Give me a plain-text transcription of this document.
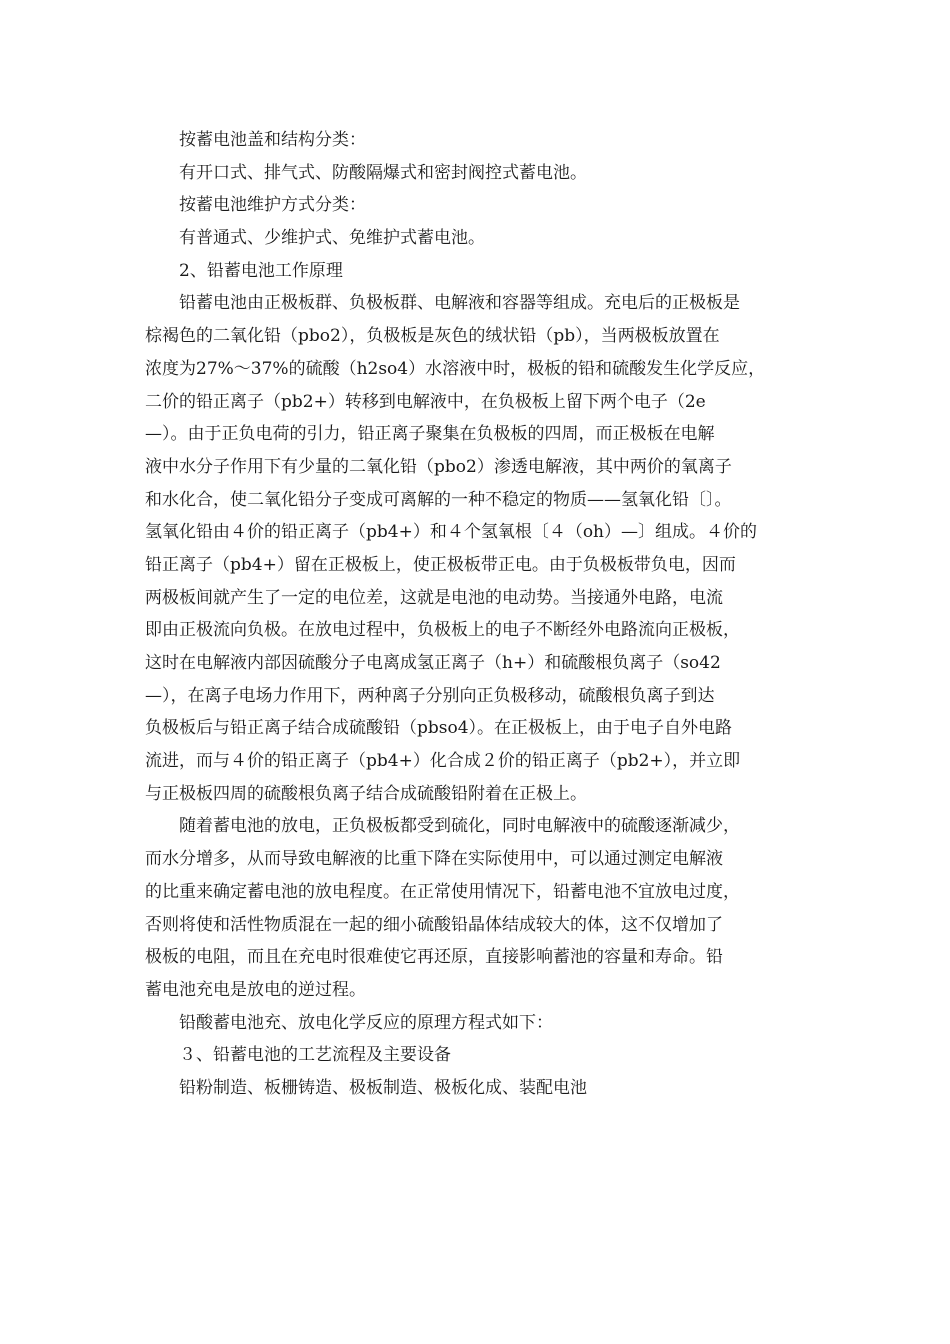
按蓄电池盖和结构分类：
有开口式、排气式、防酸隔爆式和密封阀控式蓄电池。
按蓄电池维护方式分类：
有普通式、少维护式、免维护式蓄电池。
2、铅蓄电池工作原理
铅蓄电池由正极板群、负极板群、电解液和容器等组成。充电后的正极板是
棕褐色的二氧化铅（pbo2），负极板是灰色的绒状铅（pb），当两极板放置在
浓度为27%～37%的硫酸（h2so4）水溶液中时，极板的铅和硫酸发生化学反应，
二价的铅正离子（pb2+）转移到电解液中，在负极板上留下两个电子（2e
—）。由于正负电荷的引力，铅正离子聚集在负极板的四周，而正极板在电解
液中水分子作用下有少量的二氧化铅（pbo2）渗透电解液，其中两价的氧离子
和水化合，使二氧化铅分子变成可离解的一种不稳定的物质——氢氧化铅〔〕。
氢氧化铅由４价的铅正离子（pb4+）和４个氢氧根〔４（oh）—〕组成。４价的
铅正离子（pb4+）留在正极板上，使正极板带正电。由于负极板带负电，因而
两极板间就产生了一定的电位差，这就是电池的电动势。当接通外电路，电流
即由正极流向负极。在放电过程中，负极板上的电子不断经外电路流向正极板，
这时在电解液内部因硫酸分子电离成氢正离子（h+）和硫酸根负离子（so42
—），在离子电场力作用下，两种离子分别向正负极移动，硫酸根负离子到达
负极板后与铅正离子结合成硫酸铅（pbso4）。在正极板上，由于电子自外电路
流进，而与４价的铅正离子（pb4+）化合成２价的铅正离子（pb2+），并立即
与正极板四周的硫酸根负离子结合成硫酸铅附着在正极上。
随着蓄电池的放电，正负极板都受到硫化，同时电解液中的硫酸逐渐减少，
而水分增多，从而导致电解液的比重下降在实际使用中，可以通过测定电解液
的比重来确定蓄电池的放电程度。在正常使用情况下，铅蓄电池不宜放电过度，
否则将使和活性物质混在一起的细小硫酸铅晶体结成较大的体，这不仅增加了
极板的电阻，而且在充电时很难使它再还原，直接影响蓄池的容量和寿命。铅
蓄电池充电是放电的逆过程。
铅酸蓄电池充、放电化学反应的原理方程式如下：
３、铅蓄电池的工艺流程及主要设备
铅粉制造、板栅铸造、极板制造、极板化成、装配电池
